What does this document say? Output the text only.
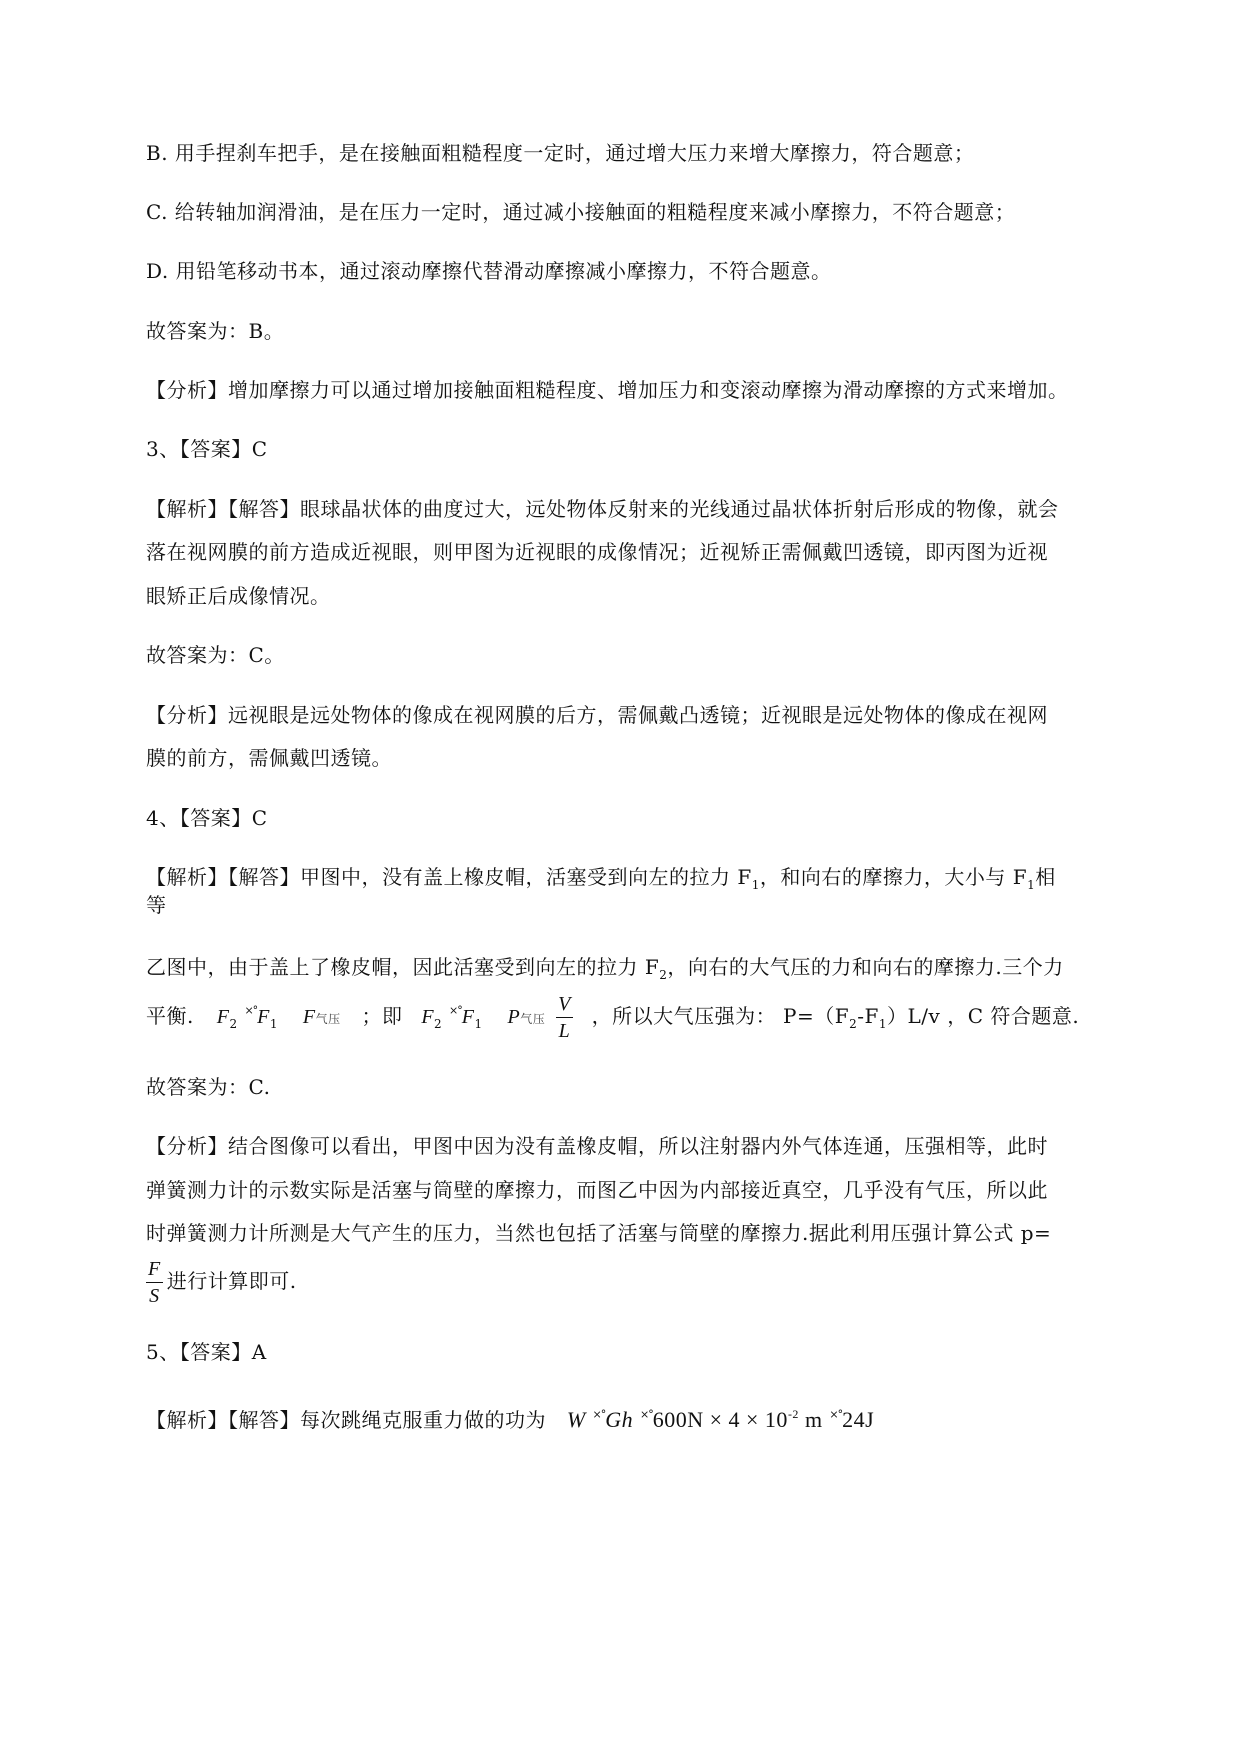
B. 用手捏刹车把手，是在接触面粗糙程度一定时，通过增大压力来增大摩擦力，符合题意；
C. 给转轴加润滑油，是在压力一定时，通过减小接触面的粗糙程度来减小摩擦力，不符合题意；
D. 用铅笔移动书本，通过滚动摩擦代替滑动摩擦减小摩擦力，不符合题意。
故答案为：B。
【分析】增加摩擦力可以通过增加接触面粗糙程度、增加压力和变滚动摩擦为滑动摩擦的方式来增加。
3、【答案】C
【解析】【解答】眼球晶状体的曲度过大，远处物体反射来的光线通过晶状体折射后形成的物像，就会
落在视网膜的前方造成近视眼，则甲图为近视眼的成像情况；近视矫正需佩戴凹透镜，即丙图为近视
眼矫正后成像情况。
故答案为：C。
【分析】远视眼是远处物体的像成在视网膜的后方，需佩戴凸透镜；近视眼是远处物体的像成在视网
膜的前方，需佩戴凹透镜。
4、【答案】C
【解析】【解答】甲图中，没有盖上橡皮帽，活塞受到向左的拉力 $F_1$，和向右的摩擦力，大小与 $F_1$相
等
乙图中，由于盖上了橡皮帽，因此活塞受到向左的拉力 $F_2$，向右的大气压的力和向右的摩擦力.三个力
平衡. $F_2$ $^{\times^\circ}F_1$ F气压 ；即 $F_2$ $^{\times^\circ}F_1$ P气压 $\frac{V}{L}$ ，所以大气压强为： $P=(F_2-F_1)L/v$ ，C 符合题意.
故答案为：C.
【分析】结合图像可以看出，甲图中因为没有盖橡皮帽，所以注射器内外气体连通，压强相等，此时
弹簧测力计的示数实际是活塞与筒壁的摩擦力，而图乙中因为内部接近真空，几乎没有气压，所以此
时弹簧测力计所测是大气产生的压力，当然也包括了活塞与筒壁的摩擦力.据此利用压强计算公式 p=
$\frac{F}{S}$ 进行计算即可.
5、【答案】A
【解析】【解答】每次跳绳克服重力做的功为 W ×°Gh $^{\times^\circ}600N \times 4 \times 10^{-2}$ m ×°24J
